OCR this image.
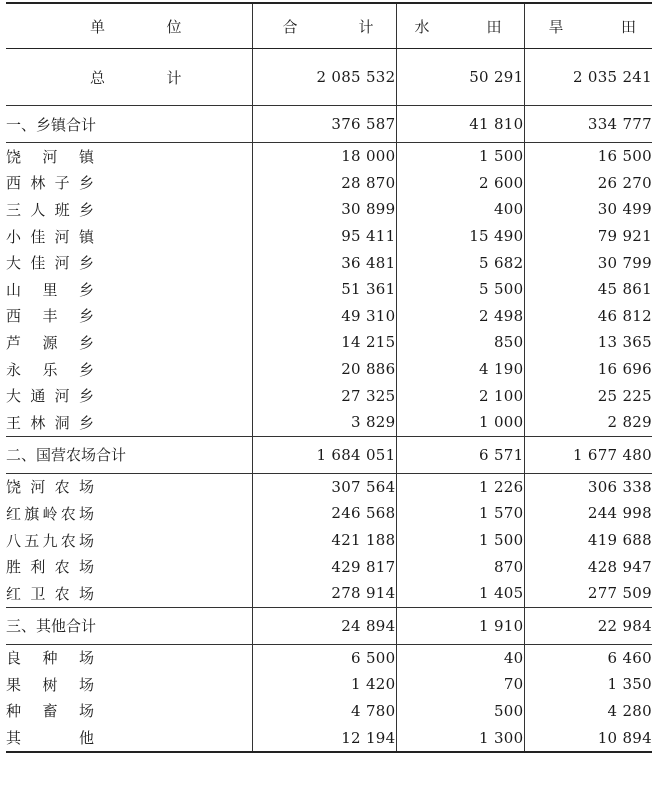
单 位	合 计	水 田	旱 田

总 计	2 085 532	50 291	2 035 241
一、乡镇合计	376 587	41 810	334 777

饶 河 镇	18 000	1 500	16 500

西 林 子 乡	28 870	2 600	26 270

三 人 班 乡	30 899	400	30 499

小 佳 河 镇	95 411	15 490	79 921

大 佳 河 乡	36 481	5 682	30 799

山 里 乡	51 361	5 500	45 861

西 丰 乡	49 310	2 498	46 812

芦 源 乡	14 215	850	13 365

永 乐 乡	20 886	4 190	16 696

大 通 河 乡	27 325	2 100	25 225

王 林 洞 乡	3 829	1 000	2 829
二、国营农场合计	1 684 051	6 571	1 677 480

饶 河 农 场	307 564	1 226	306 338

红 旗 岭 农 场	246 568	1 570	244 998

八 五 九 农 场	421 188	1 500	419 688

胜 利 农 场	429 817	870	428 947

红 卫 农 场	278 914	1 405	277 509
三、其他合计	24 894	1 910	22 984

良 种 场	6 500	40	6 460

果 树 场	1 420	70	1 350

种 畜 场	4 780	500	4 280

其 他	12 194	1 300	10 894
